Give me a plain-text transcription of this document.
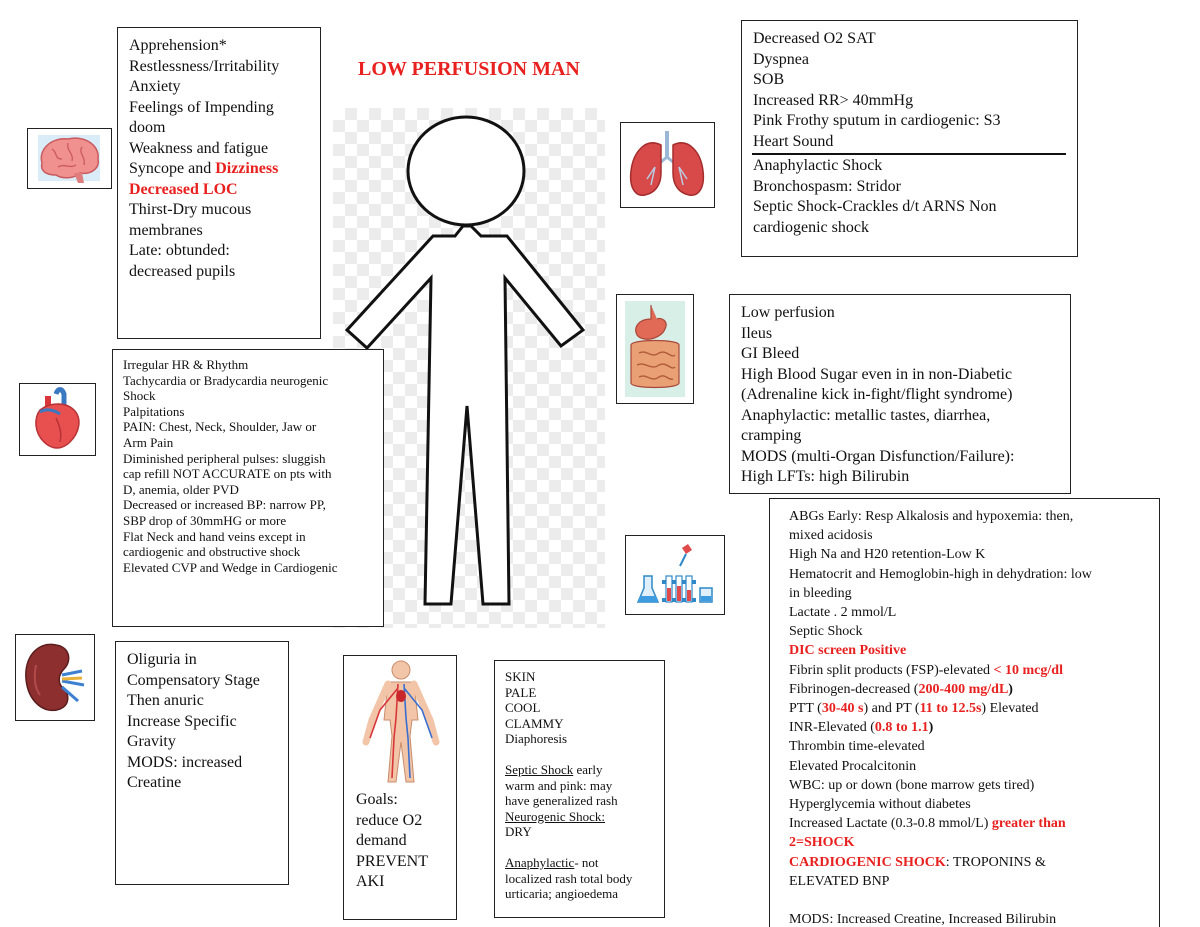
LOW PERFUSION MAN
Apprehension*
Restlessness/Irritability
Anxiety
Feelings of Impending
doom
Weakness and fatigue
Syncope and Dizziness
Decreased LOC
Thirst-Dry mucous
membranes
Late: obtunded:
decreased pupils
Decreased O2 SAT
Dyspnea
SOB
Increased RR> 40mmHg
Pink Frothy sputum in cardiogenic: S3
Heart Sound
Anaphylactic Shock
Bronchospasm: Stridor
Septic Shock-Crackles d/t ARNS Non
cardiogenic shock
Irregular HR & Rhythm
Tachycardia or Bradycardia neurogenic
Shock
Palpitations
PAIN: Chest, Neck, Shoulder, Jaw or
Arm Pain
Diminished peripheral pulses: sluggish
cap refill NOT ACCURATE on pts with
D, anemia, older PVD
Decreased or increased BP: narrow PP,
SBP drop of 30mmHG or more
Flat Neck and hand veins except in
cardiogenic and obstructive shock
Elevated CVP and Wedge in Cardiogenic
Low perfusion
Ileus
GI Bleed
High Blood Sugar even in in non-Diabetic
(Adrenaline kick in-fight/flight syndrome)
Anaphylactic: metallic tastes, diarrhea,
cramping
MODS (multi-Organ Disfunction/Failure):
High LFTs: high Bilirubin
ABGs Early: Resp Alkalosis and hypoxemia: then,
mixed acidosis
High Na and H20 retention-Low K
Hematocrit and Hemoglobin-high in dehydration: low
in bleeding
Lactate . 2 mmol/L
Septic Shock
DIC screen Positive
Fibrin split products (FSP)-elevated < 10 mcg/dl
Fibrinogen-decreased (200-400 mg/dL)
PTT (30-40 s) and PT (11 to 12.5s) Elevated
INR-Elevated (0.8 to 1.1)
Thrombin time-elevated
Elevated Procalcitonin
WBC: up or down (bone marrow gets tired)
Hyperglycemia without diabetes
Increased Lactate (0.3-0.8 mmol/L) greater than
2=SHOCK
CARDIOGENIC SHOCK: TROPONINS &
ELEVATED BNP
MODS: Increased Creatine, Increased Bilirubin
Oliguria in
Compensatory Stage
Then anuric
Increase Specific
Gravity
MODS: increased
Creatine
Goals:
reduce O2
demand
PREVENT
AKI
SKIN
PALE
COOL
CLAMMY
Diaphoresis
Septic Shock early
warm and pink: may
have generalized rash
Neurogenic Shock:
DRY
Anaphylactic- not
localized rash total body
urticaria; angioedema
